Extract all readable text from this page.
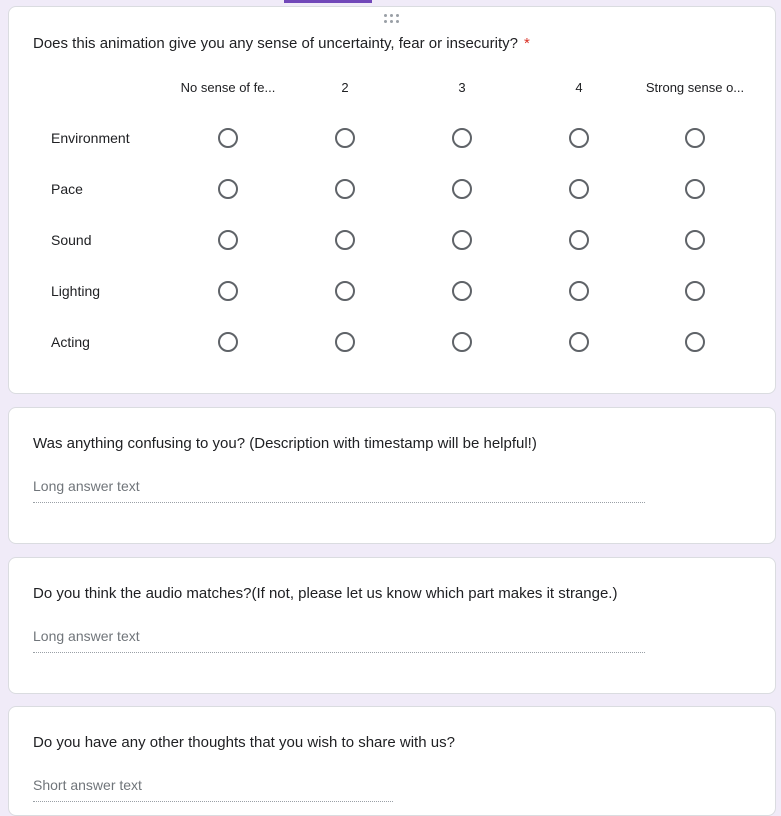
Does this animation give you any sense of uncertainty, fear or insecurity? *
No sense of fe...	2	3	4	Strong sense o...
Environment
Pace
Sound
Lighting
Acting
Was anything confusing to you? (Description with timestamp will be helpful!)
Long answer text
Do you think the audio matches?(If not, please let us know which part makes it strange.)
Long answer text
Do you have any other thoughts that you wish to share with us?
Short answer text
